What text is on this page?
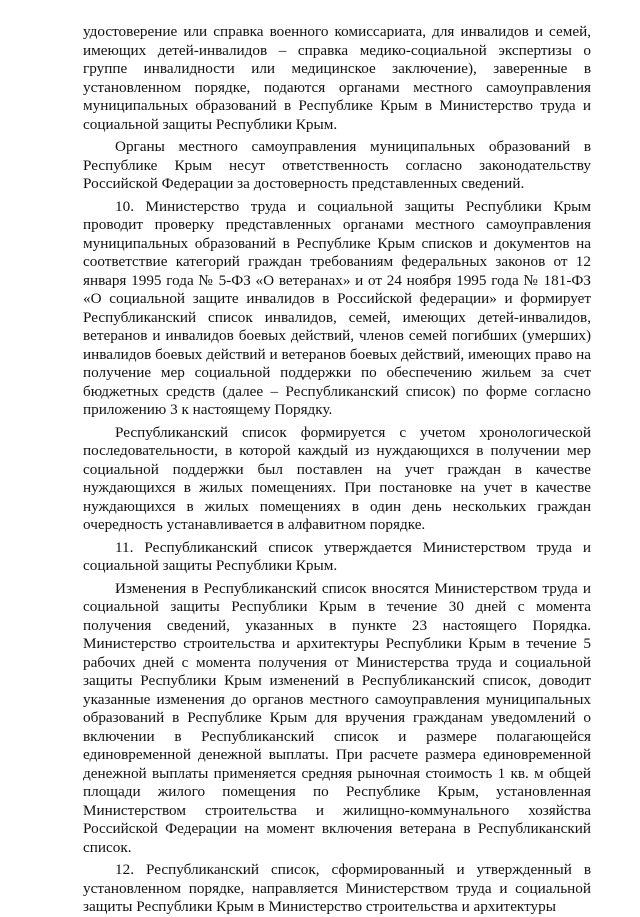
удостоверение или справка военного комиссариата, для инвалидов и семей, имеющих детей-инвалидов – справка медико-социальной экспертизы о группе инвалидности или медицинское заключение), заверенные в установленном порядке, подаются органами местного самоуправления муниципальных образований в Республике Крым в Министерство труда и социальной защиты Республики Крым.

Органы местного самоуправления муниципальных образований в Республике Крым несут ответственность согласно законодательству Российской Федерации за достоверность представленных сведений.

10. Министерство труда и социальной защиты Республики Крым проводит проверку представленных органами местного самоуправления муниципальных образований в Республике Крым списков и документов на соответствие категорий граждан требованиям федеральных законов от 12 января 1995 года № 5-ФЗ «О ветеранах» и от 24 ноября 1995 года № 181-ФЗ «О социальной защите инвалидов в Российской федерации» и формирует Республиканский список инвалидов, семей, имеющих детей-инвалидов, ветеранов и инвалидов боевых действий, членов семей погибших (умерших) инвалидов боевых действий и ветеранов боевых действий, имеющих право на получение мер социальной поддержки по обеспечению жильем за счет бюджетных средств (далее – Республиканский список) по форме согласно приложению 3 к настоящему Порядку.

Республиканский список формируется с учетом хронологической последовательности, в которой каждый из нуждающихся в получении мер социальной поддержки был поставлен на учет граждан в качестве нуждающихся в жилых помещениях. При постановке на учет в качестве нуждающихся в жилых помещениях в один день нескольких граждан очередность устанавливается в алфавитном порядке.

11. Республиканский список утверждается Министерством труда и социальной защиты Республики Крым.

Изменения в Республиканский список вносятся Министерством труда и социальной защиты Республики Крым в течение 30 дней с момента получения сведений, указанных в пункте 23 настоящего Порядка. Министерство строительства и архитектуры Республики Крым в течение 5 рабочих дней с момента получения от Министерства труда и социальной защиты Республики Крым изменений в Республиканский список, доводит указанные изменения до органов местного самоуправления муниципальных образований в Республике Крым для вручения гражданам уведомлений о включении в Республиканский список и размере полагающейся единовременной денежной выплаты. При расчете размера единовременной денежной выплаты применяется средняя рыночная стоимость 1 кв. м общей площади жилого помещения по Республике Крым, установленная Министерством строительства и жилищно-коммунального хозяйства Российской Федерации на момент включения ветерана в Республиканский список.

12. Республиканский список, сформированный и утвержденный в установленном порядке, направляется Министерством труда и социальной защиты Республики Крым в Министерство строительства и архитектуры
